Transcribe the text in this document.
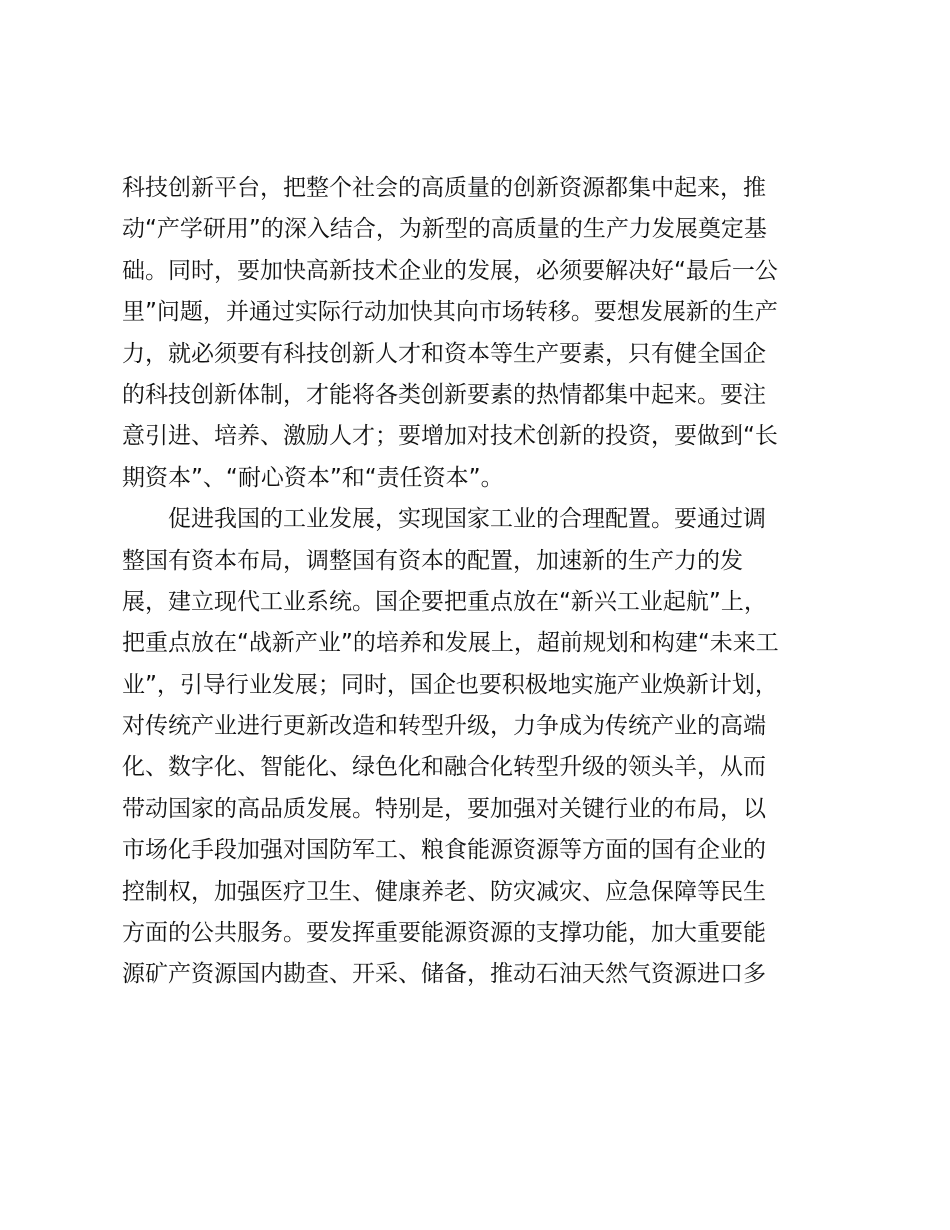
科技创新平台，把整个社会的高质量的创新资源都集中起来，推
动“产学研用”的深入结合，为新型的高质量的生产力发展奠定基
础。同时，要加快高新技术企业的发展，必须要解决好“最后一公
里”问题，并通过实际行动加快其向市场转移。要想发展新的生产
力，就必须要有科技创新人才和资本等生产要素，只有健全国企
的科技创新体制，才能将各类创新要素的热情都集中起来。要注
意引进、培养、激励人才；要增加对技术创新的投资，要做到“长
期资本”、“耐心资本”和“责任资本”。
　　促进我国的工业发展，实现国家工业的合理配置。要通过调
整国有资本布局，调整国有资本的配置，加速新的生产力的发
展，建立现代工业系统。国企要把重点放在“新兴工业起航”上，
把重点放在“战新产业”的培养和发展上，超前规划和构建“未来工
业”，引导行业发展；同时，国企也要积极地实施产业焕新计划，
对传统产业进行更新改造和转型升级，力争成为传统产业的高端
化、数字化、智能化、绿色化和融合化转型升级的领头羊，从而
带动国家的高品质发展。特别是，要加强对关键行业的布局，以
市场化手段加强对国防军工、粮食能源资源等方面的国有企业的
控制权，加强医疗卫生、健康养老、防灾减灾、应急保障等民生
方面的公共服务。要发挥重要能源资源的支撑功能，加大重要能
源矿产资源国内勘查、开采、储备，推动石油天然气资源进口多
